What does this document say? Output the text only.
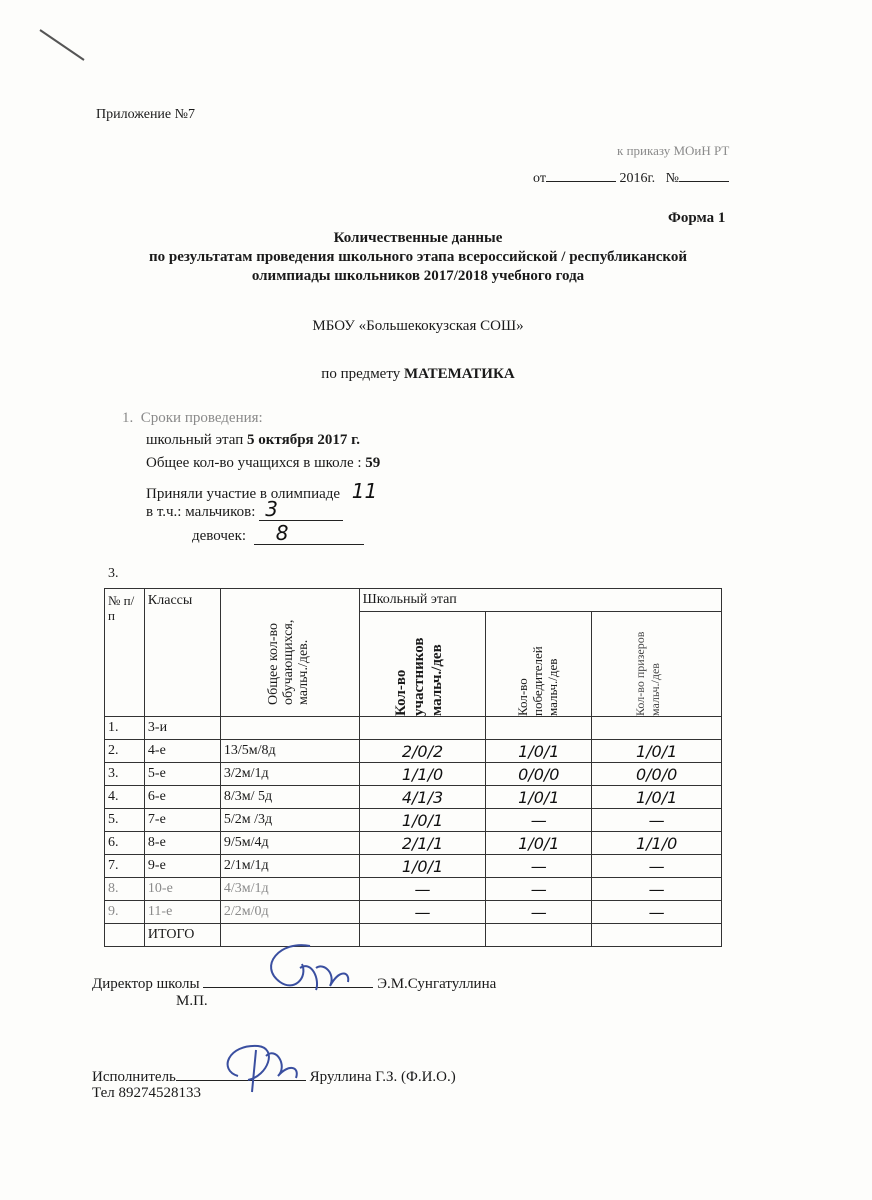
Приложение №7
к приказу МОиН РТ
от	2016г. №
Форма 1
Количественные данные
по результатам проведения школьного этапа всероссийской / республиканской
олимпиады школьников 2017/2018 учебного года
МБОУ «Большекокузская СОШ»
по предмету МАТЕМАТИКА
1. Сроки проведения:
школьный этап 5 октября 2017 г.
Общее кол-во учащихся в школе : 59
Приняли участие в олимпиаде 11
в т.ч.: мальчиков: 3
девочек: 8
3.
№ п/ п	Классы	Общее кол-во обучающихся, мальч./дев.	Школьный этап		

			Кол-во участников мальч./дев	Кол-во победителей мальч./дев	Кол-во призеров мальч./дев

1.	3-и				
2.	4-е	13/5м/8д	2/0/2	1/0/1	1/0/1
3.	5-е	3/2м/1д	1/1/0	0/0/0	0/0/0
4.	6-е	8/3м/ 5д	4/1/3	1/0/1	1/0/1
5.	7-е	5/2м /3д	1/0/1	—	—
6.	8-е	9/5м/4д	2/1/1	1/0/1	1/1/0
7.	9-е	2/1м/1д	1/0/1	—	—
8.	10-е	4/3м/1д	—	—	—
9.	11-е	2/2м/0д	—	—	—
	ИТОГО				
Директор школы	Э.М.Сунгатуллина
М.П.
Исполнитель	Яруллина Г.З. (Ф.И.О.)
Тел 89274528133
